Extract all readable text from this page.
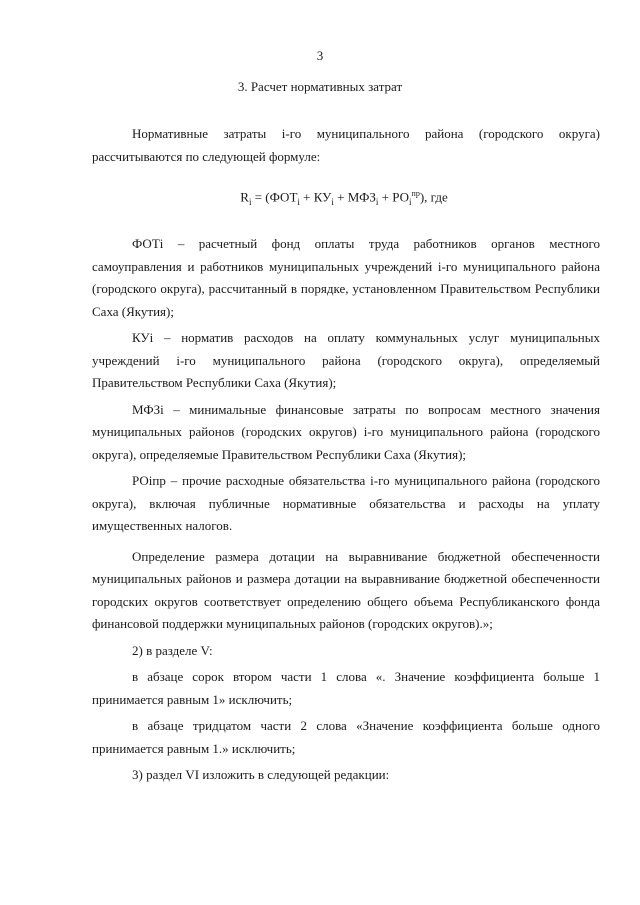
3
3. Расчет нормативных затрат

Нормативные затраты i-го муниципального района (городского округа) рассчитываются по следующей формуле:

$R_i = (ФОТ_i + КУ_i + МФЗ_i + РО_i^{пр})$, где

ФОТi – расчетный фонд оплаты труда работников органов местного самоуправления и работников муниципальных учреждений i-го муниципального района (городского округа), рассчитанный в порядке, установленном Правительством Республики Саха (Якутия);

КУi – норматив расходов на оплату коммунальных услуг муниципальных учреждений i-го муниципального района (городского округа), определяемый Правительством Республики Саха (Якутия);

МФЗi – минимальные финансовые затраты по вопросам местного значения муниципальных районов (городских округов) i-го муниципального района (городского округа), определяемые Правительством Республики Саха (Якутия);

РОiпр – прочие расходные обязательства i-го муниципального района (городского округа), включая публичные нормативные обязательства и расходы на уплату имущественных налогов.

Определение размера дотации на выравнивание бюджетной обеспеченности муниципальных районов и размера дотации на выравнивание бюджетной обеспеченности городских округов соответствует определению общего объема Республиканского фонда финансовой поддержки муниципальных районов (городских округов).»;

2) в разделе V:

в абзаце сорок втором части 1 слова «. Значение коэффициента больше 1 принимается равным 1» исключить;

в абзаце тридцатом части 2 слова «Значение коэффициента больше одного принимается равным 1.» исключить;

3) раздел VI изложить в следующей редакции:
